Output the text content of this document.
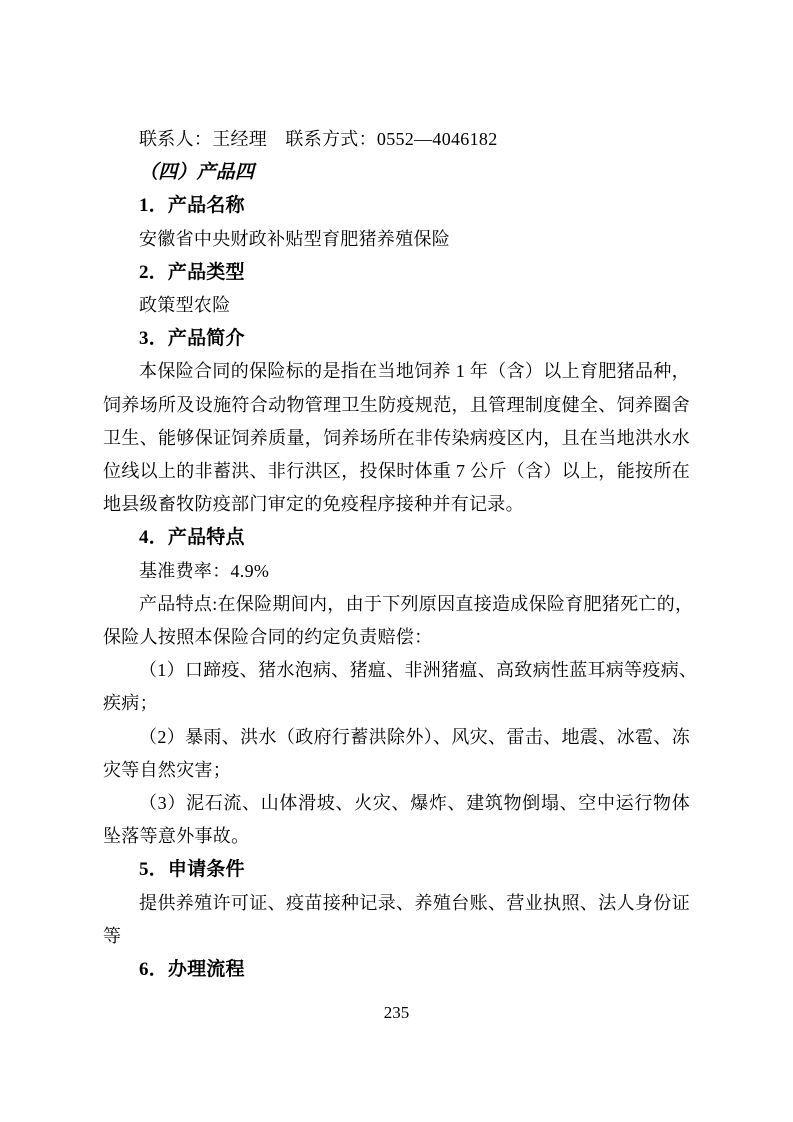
联系人：王经理　联系方式：0552—4046182

（四）产品四

1．产品名称

安徽省中央财政补贴型育肥猪养殖保险

2．产品类型

政策型农险

3．产品简介

本保险合同的保险标的是指在当地饲养 1 年（含）以上育肥猪品种，

饲养场所及设施符合动物管理卫生防疫规范，且管理制度健全、饲养圈舍

卫生、能够保证饲养质量，饲养场所在非传染病疫区内，且在当地洪水水

位线以上的非蓄洪、非行洪区，投保时体重 7 公斤（含）以上，能按所在

地县级畜牧防疫部门审定的免疫程序接种并有记录。

4．产品特点

基准费率：4.9%

产品特点:在保险期间内，由于下列原因直接造成保险育肥猪死亡的，

保险人按照本保险合同的约定负责赔偿：

（1）口蹄疫、猪水泡病、猪瘟、非洲猪瘟、高致病性蓝耳病等疫病、

疾病；

（2）暴雨、洪水（政府行蓄洪除外）、风灾、雷击、地震、冰雹、冻

灾等自然灾害；

（3）泥石流、山体滑坡、火灾、爆炸、建筑物倒塌、空中运行物体

坠落等意外事故。

5．申请条件

提供养殖许可证、疫苗接种记录、养殖台账、营业执照、法人身份证

等

6．办理流程

235
